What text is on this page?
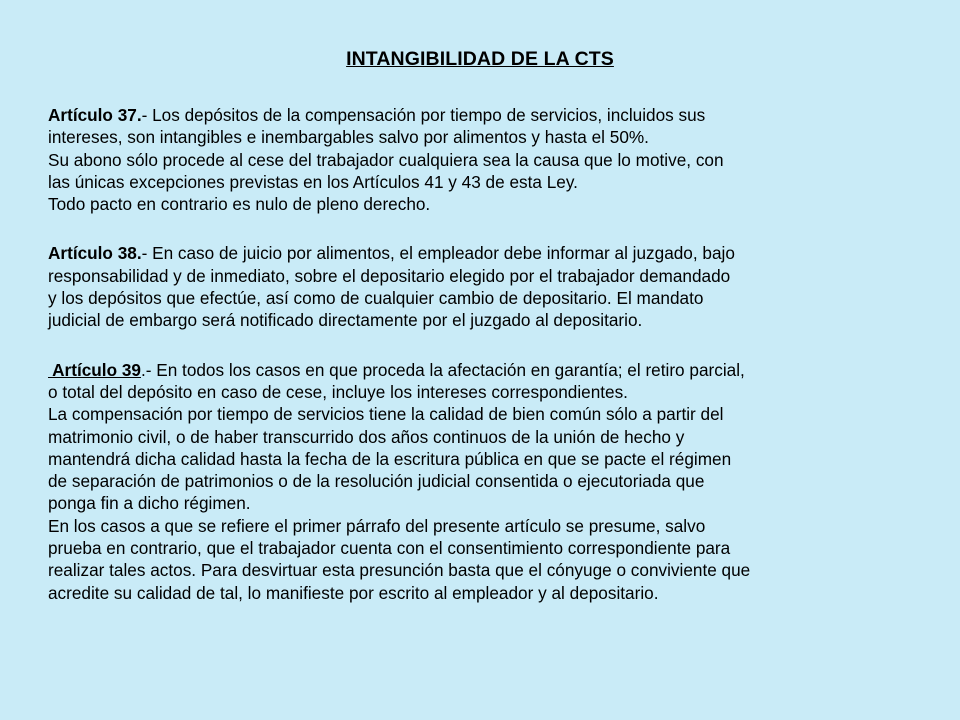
INTANGIBILIDAD DE LA CTS
Artículo 37.- Los depósitos de la compensación por tiempo de servicios, incluidos sus
intereses, son intangibles e inembargables salvo por alimentos y hasta el 50%.
Su abono sólo procede al cese del trabajador cualquiera sea la causa que lo motive, con
las únicas excepciones previstas en los Artículos 41 y 43 de esta Ley.
Todo pacto en contrario es nulo de pleno derecho.
Artículo 38.- En caso de juicio por alimentos, el empleador debe informar al juzgado, bajo
responsabilidad y de inmediato, sobre el depositario elegido por el trabajador demandado
y los depósitos que efectúe, así como de cualquier cambio de depositario. El mandato
judicial de embargo será notificado directamente por el juzgado al depositario.
Artículo 39.- En todos los casos en que proceda la afectación en garantía; el retiro parcial,
o total del depósito en caso de cese, incluye los intereses correspondientes.
La compensación por tiempo de servicios tiene la calidad de bien común sólo a partir del
matrimonio civil, o de haber transcurrido dos años continuos de la unión de hecho y
mantendrá dicha calidad hasta la fecha de la escritura pública en que se pacte el régimen
de separación de patrimonios o de la resolución judicial consentida o ejecutoriada que
ponga fin a dicho régimen.
En los casos a que se refiere el primer párrafo del presente artículo se presume, salvo
prueba en contrario, que el trabajador cuenta con el consentimiento correspondiente para
realizar tales actos. Para desvirtuar esta presunción basta que el cónyuge o conviviente que
acredite su calidad de tal, lo manifieste por escrito al empleador y al depositario.
